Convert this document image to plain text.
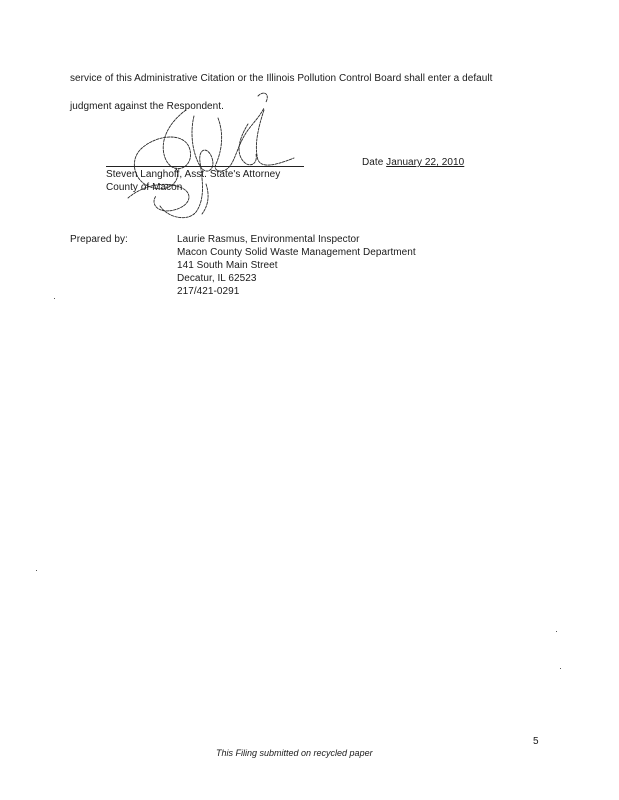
service of this Administrative Citation or the Illinois Pollution Control Board shall enter a default
judgment against the Respondent.
Steven Langhoff, Asst. State's Attorney
County of Macon
Date January 22, 2010
Prepared by:	Laurie Rasmus, Environmental Inspector
Macon County Solid Waste Management Department
141 South Main Street
Decatur, IL 62523
217/421-0291
5
This Filing submitted on recycled paper
